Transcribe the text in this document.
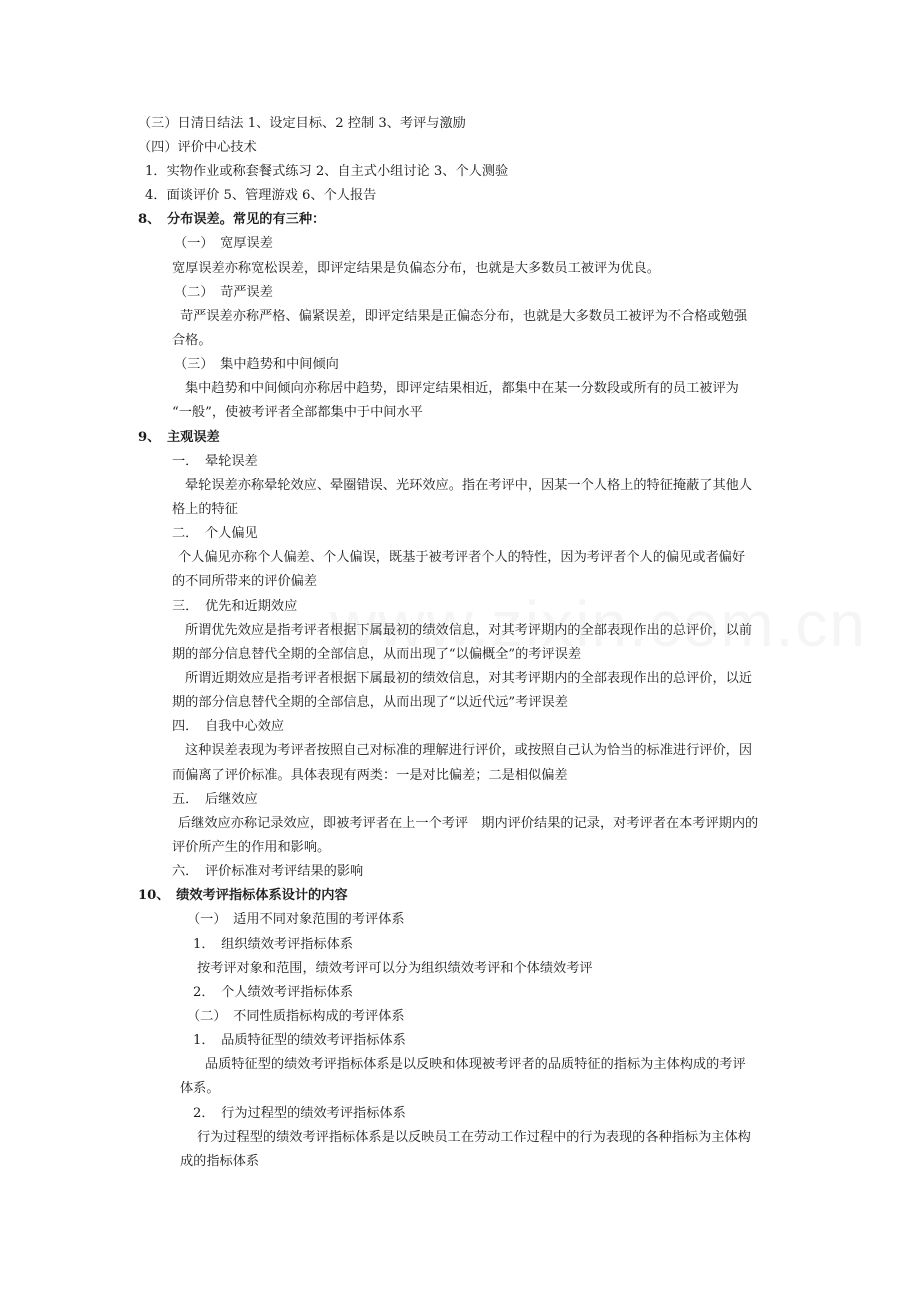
（三）日清日结法 1、设定目标、2 控制 3、考评与激励
（四）评价中心技术
1．实物作业或称套餐式练习 2、自主式小组讨论 3、个人测验
4．面谈评价 5、管理游戏 6、个人报告
8、　分布误差。常见的有三种：
（一）　宽厚误差
宽厚误差亦称宽松误差，即评定结果是负偏态分布，也就是大多数员工被评为优良。
（二）　苛严误差
苛严误差亦称严格、偏紧误差，即评定结果是正偏态分布，也就是大多数员工被评为不合格或勉强
合格。
（三）　集中趋势和中间倾向
集中趋势和中间倾向亦称居中趋势，即评定结果相近，都集中在某一分数段或所有的员工被评为
“一般”，使被考评者全部都集中于中间水平
9、　主观误差
一．　晕轮误差
晕轮误差亦称晕轮效应、晕圈错误、光环效应。指在考评中，因某一个人格上的特征掩蔽了其他人
格上的特征
二．　个人偏见
个人偏见亦称个人偏差、个人偏误，既基于被考评者个人的特性，因为考评者个人的偏见或者偏好
的不同所带来的评价偏差
三．　优先和近期效应
所谓优先效应是指考评者根据下属最初的绩效信息，对其考评期内的全部表现作出的总评价，以前
期的部分信息替代全期的全部信息，从而出现了“以偏概全”的考评误差
所谓近期效应是指考评者根据下属最初的绩效信息，对其考评期内的全部表现作出的总评价，以近
期的部分信息替代全期的全部信息，从而出现了“以近代远”考评误差
四．　自我中心效应
这种误差表现为考评者按照自己对标准的理解进行评价，或按照自己认为恰当的标准进行评价，因
而偏离了评价标准。具体表现有两类：一是对比偏差；二是相似偏差
五．　后继效应
后继效应亦称记录效应，即被考评者在上一个考评　期内评价结果的记录，对考评者在本考评期内的
评价所产生的作用和影响。
六．　评价标准对考评结果的影响
10、　绩效考评指标体系设计的内容
（一）　适用不同对象范围的考评体系
1．　组织绩效考评指标体系
按考评对象和范围，绩效考评可以分为组织绩效考评和个体绩效考评
2．　个人绩效考评指标体系
（二）　不同性质指标构成的考评体系
1．　品质特征型的绩效考评指标体系
品质特征型的绩效考评指标体系是以反映和体现被考评者的品质特征的指标为主体构成的考评
体系。
2．　行为过程型的绩效考评指标体系
行为过程型的绩效考评指标体系是以反映员工在劳动工作过程中的行为表现的各种指标为主体构
成的指标体系
